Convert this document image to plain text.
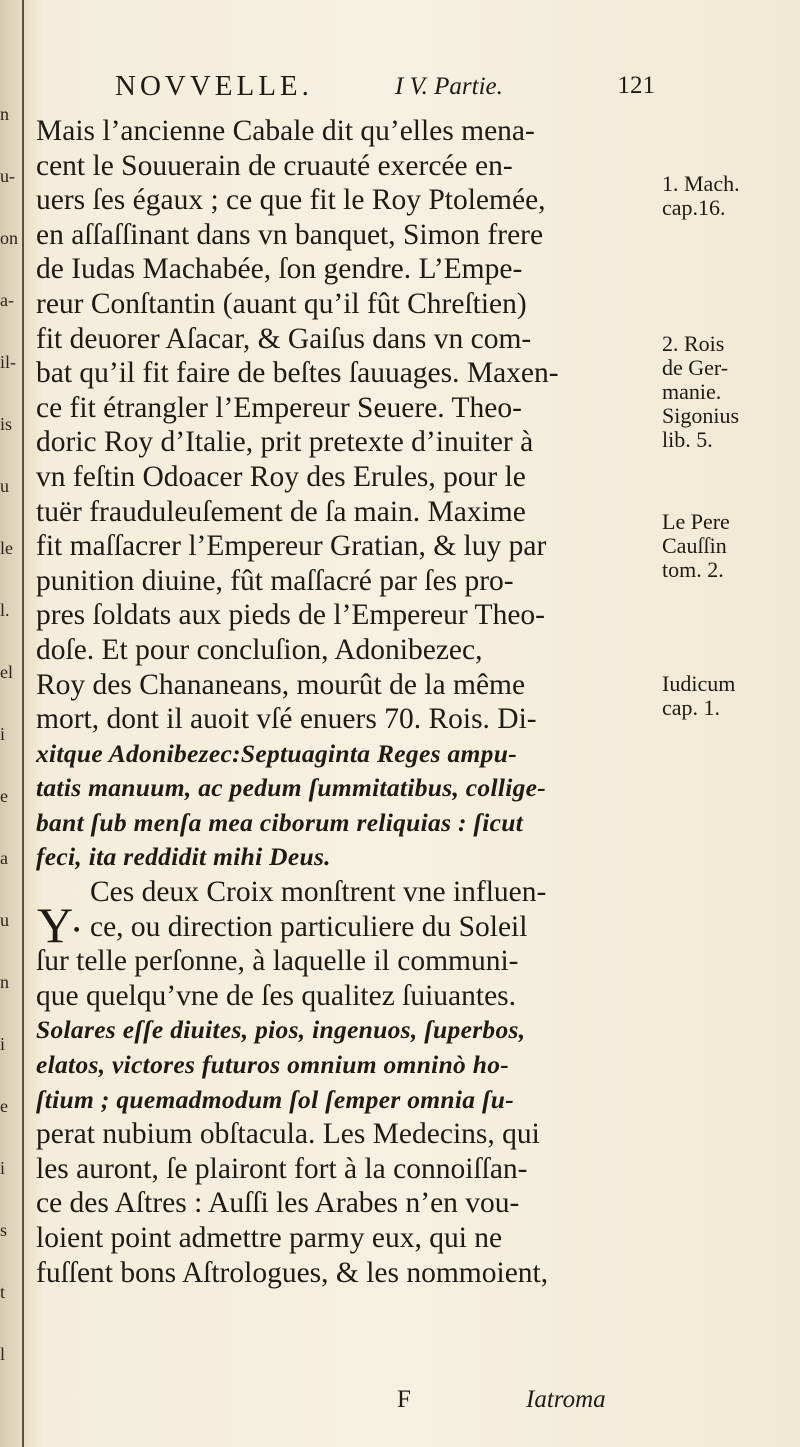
n
u-
on
a-
il-
is
u
le
l.
el
i
e
a
u
n
i
e
i
s
t
l
NOVVELLE.	I V. Partie.	121
Mais l’ancienne Cabale dit qu’elles mena-
cent le Souuerain de cruauté exercée en-
uers ſes égaux ; ce que fit le Roy Ptolemée,
en aſſaſſinant dans vn banquet, Simon frere
de Iudas Machabée, ſon gendre. L’Empe-
reur Conſtantin (auant qu’il fût Chreſtien)
fit deuorer Aſacar, & Gaiſus dans vn com-
bat qu’il fit faire de beſtes ſauuages. Maxen-
ce fit étrangler l’Empereur Seuere. Theo-
doric Roy d’Italie, prit pretexte d’inuiter à
vn feſtin Odoacer Roy des Erules, pour le
tuër frauduleuſement de ſa main. Maxime
fit maſſacrer l’Empereur Gratian, & luy par
punition diuine, fût maſſacré par ſes pro-
pres ſoldats aux pieds de l’Empereur Theo-
doſe. Et pour concluſion, Adonibezec,
Roy des Chananeans, mourût de la même
mort, dont il auoit vſé enuers 70. Rois. Di-
xitque Adonibezec:Septuaginta Reges ampu-
tatis manuum, ac pedum ſummitatibus, collige-
bant ſub menſa mea ciborum reliquias : ſicut
feci, ita reddidit mihi Deus.
Ces deux Croix monſtrent vne influen-
ce, ou direction particuliere du Soleil
ſur telle perſonne, à laquelle il communi-
que quelqu’vne de ſes qualitez ſuiuantes.
Solares eſſe diuites, pios, ingenuos, ſuperbos,
elatos, victores futuros omnium omninò ho-
ſtium ; quemadmodum ſol ſemper omnia ſu-
perat nubium obſtacula. Les Medecins, qui
les auront, ſe plairont fort à la connoiſſan-
ce des Aſtres : Auſſi les Arabes n’en vou-
loient point admettre parmy eux, qui ne
fuſſent bons Aſtrologues, & les nommoient,
Y•
1. Mach.
cap.16.
2. Rois
de Ger-
manie.
Sigonius
lib. 5.
Le Pere
Cauſſin
tom. 2.
Iudicum
cap. 1.
F	Iatroma
